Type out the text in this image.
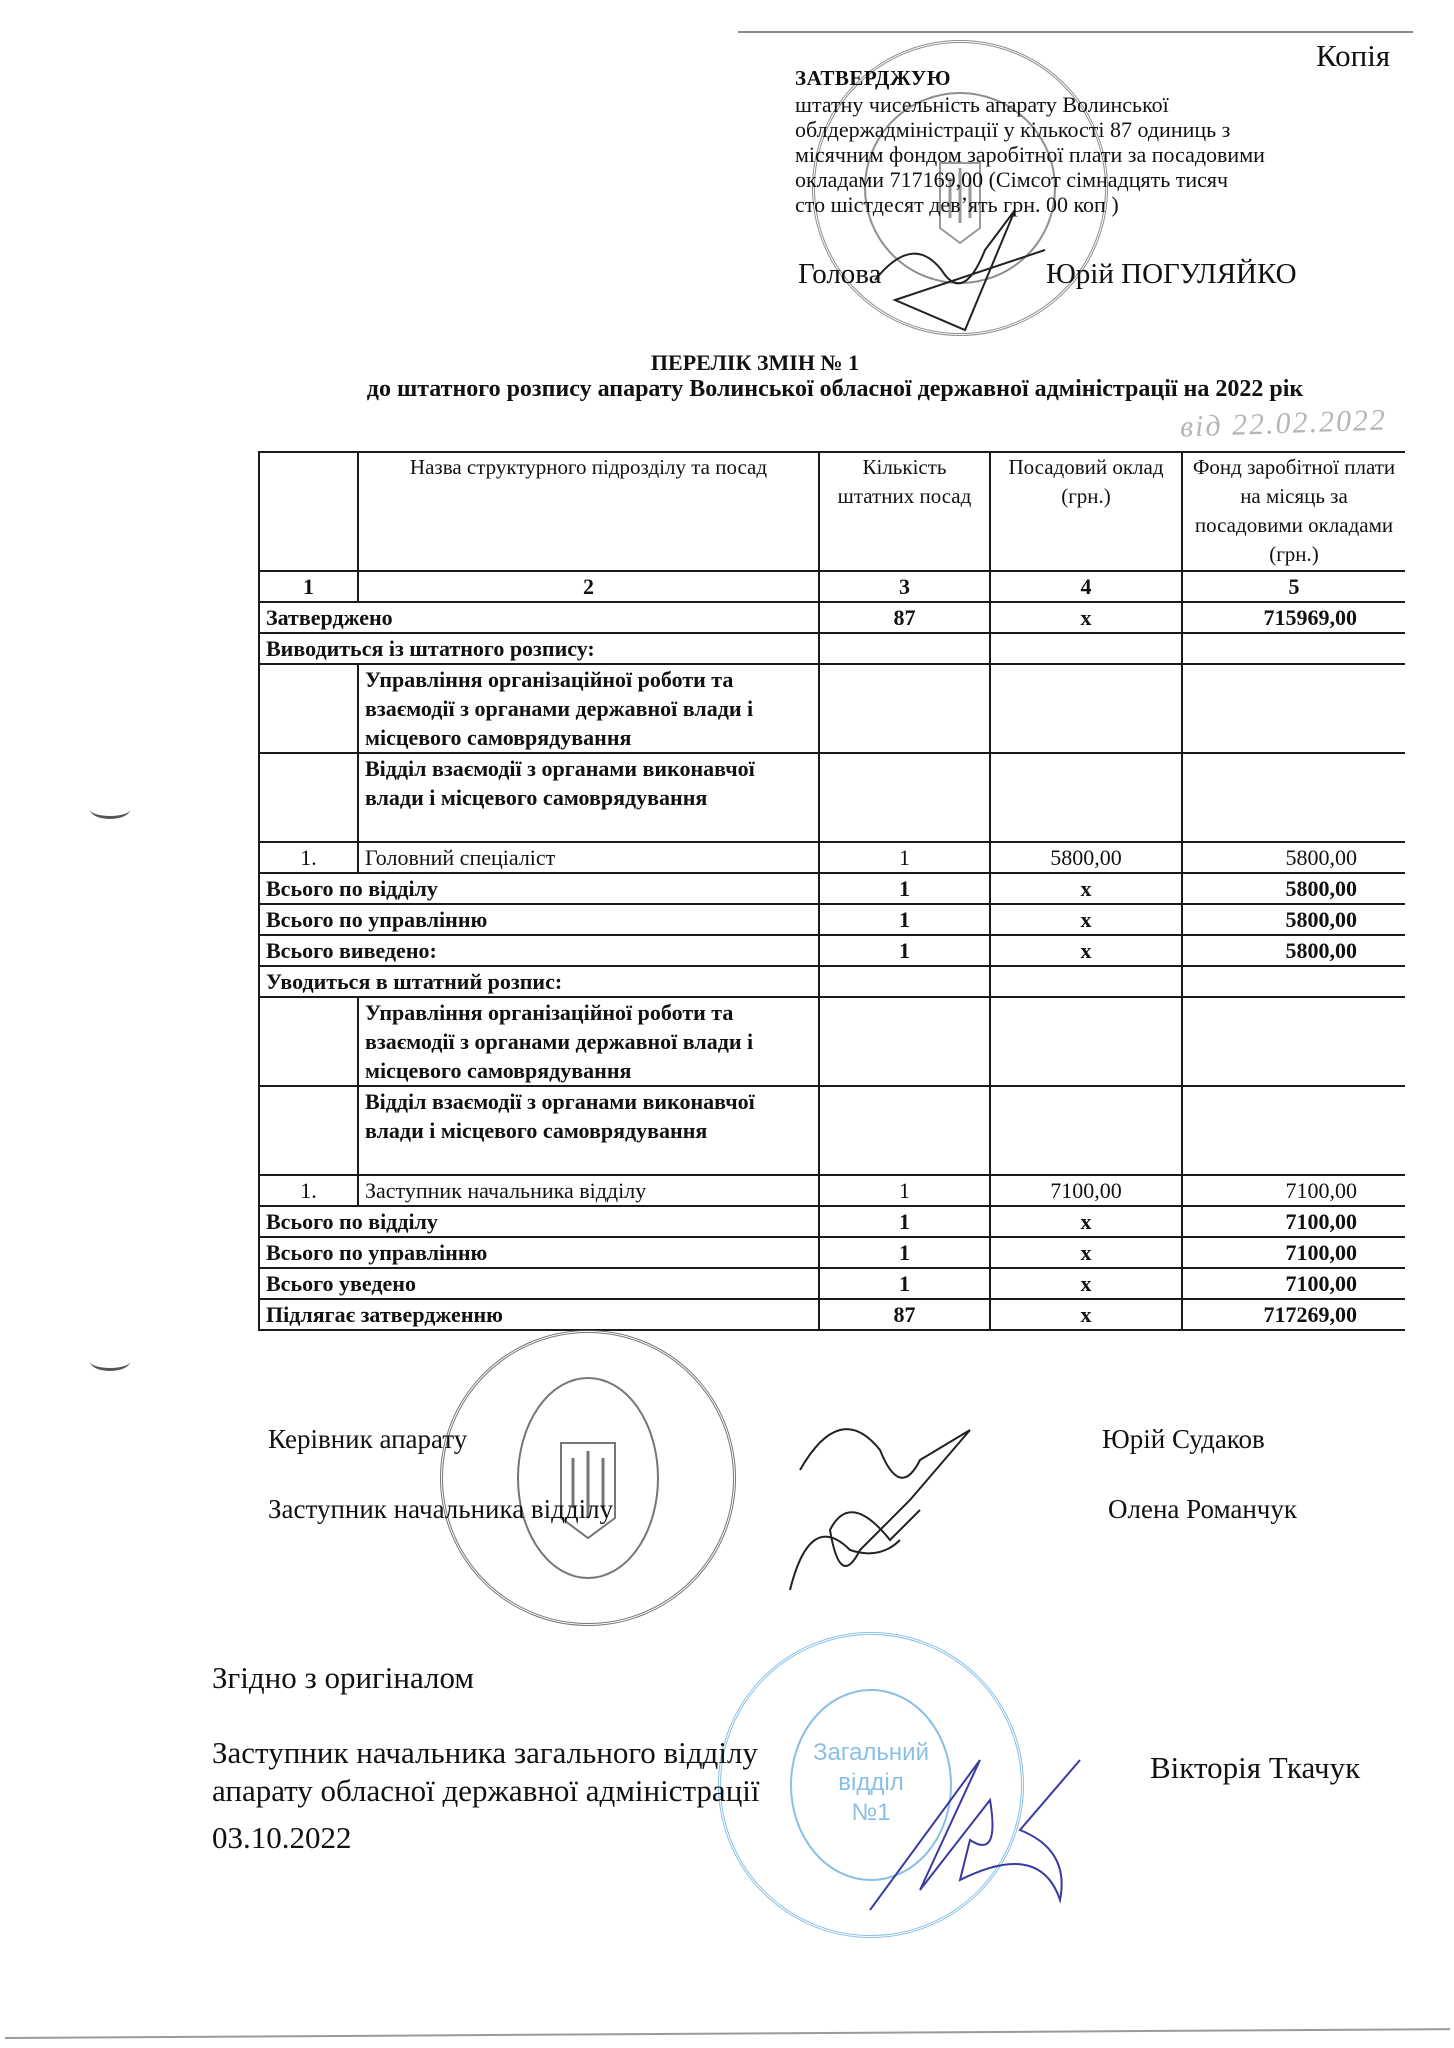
Копія
ЗАТВЕРДЖУЮ
штатну чисельність апарату Волинської
облдержадміністрації у кількості 87 одиниць з
місячним фондом заробітної плати за посадовими
окладами 717169,00 (Сімсот сімнадцять тисяч
сто шістдесят дев’ять грн. 00 коп )
Голова	Юрій ПОГУЛЯЙКО
ПЕРЕЛІК ЗМІН № 1
до штатного розпису апарату Волинської обласної державної адміністрації на 2022 рік
від 22.02.2022
	Назва структурного підрозділу та посад	Кількість штатних посад	Посадовий оклад (грн.)	Фонд заробітної плати на місяць за посадовими окладами (грн.)
1	2	3	4	5
Затверджено		87	x	715969,00
Виводиться із штатного розпису:				
	Управління організаційної роботи та взаємодії з органами державної влади і місцевого самоврядування			
	Відділ взаємодії з органами виконавчої влади і місцевого самоврядування			
1.	Головний спеціаліст	1	5800,00	5800,00
Всього по відділу		1	x	5800,00
Всього по управлінню		1	x	5800,00
Всього виведено:		1	x	5800,00
Уводиться в штатний розпис:				
	Управління організаційної роботи та взаємодії з органами державної влади і місцевого самоврядування			
	Відділ взаємодії з органами виконавчої влади і місцевого самоврядування			
1.	Заступник начальника відділу	1	7100,00	7100,00
Всього по відділу		1	x	7100,00
Всього по управлінню		1	x	7100,00
Всього уведено		1	x	7100,00
Підлягає затвердженню		87	x	717269,00
Керівник апарату	Юрій Судаков
Заступник начальника відділу	Олена Романчук
Загальний
відділ
№1
Згідно з оригіналом
Заступник начальника загального відділу
апарату обласної державної адміністрації
Вікторія Ткачук
03.10.2022
